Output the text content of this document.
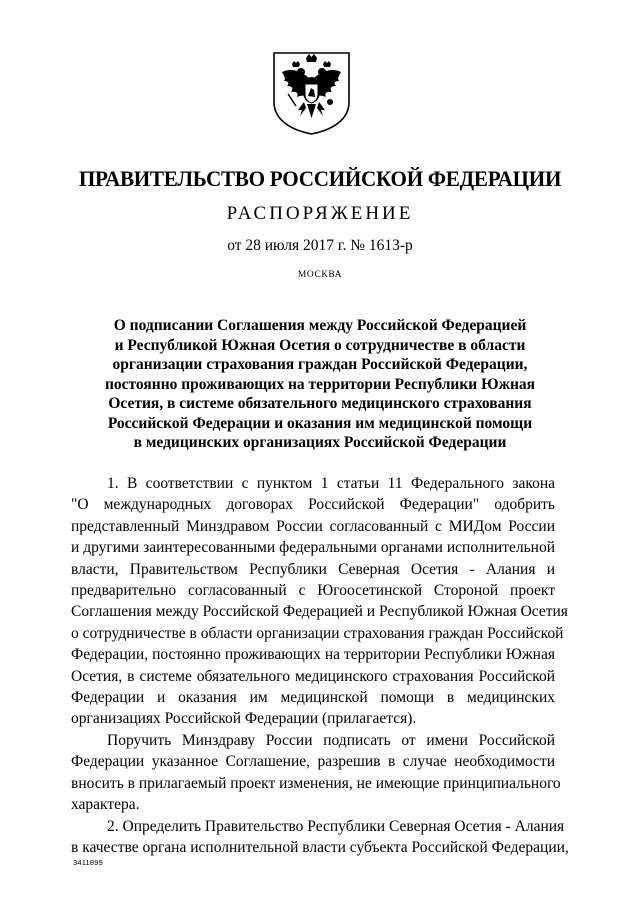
ПРАВИТЕЛЬСТВО РОССИЙСКОЙ ФЕДЕРАЦИИ
РАСПОРЯЖЕНИЕ
от 28 июля 2017 г. № 1613-р
МОСКВА
О подписании Соглашения между Российской Федерацией
и Республикой Южная Осетия о сотрудничестве в области
организации страхования граждан Российской Федерации,
постоянно проживающих на территории Республики Южная
Осетия, в системе обязательного медицинского страхования
Российской Федерации и оказания им медицинской помощи
в медицинских организациях Российской Федерации
1. В соответствии с пунктом 1 статьи 11 Федерального закона
"О международных договорах Российской Федерации" одобрить
представленный Минздравом России согласованный с МИДом России
и другими заинтересованными федеральными органами исполнительной
власти, Правительством Республики Северная Осетия - Алания и
предварительно согласованный с Югоосетинской Стороной проект
Соглашения между Российской Федерацией и Республикой Южная Осетия
о сотрудничестве в области организации страхования граждан Российской
Федерации, постоянно проживающих на территории Республики Южная
Осетия, в системе обязательного медицинского страхования Российской
Федерации и оказания им медицинской помощи в медицинских
организациях Российской Федерации (прилагается).
Поручить Минздраву России подписать от имени Российской
Федерации указанное Соглашение, разрешив в случае необходимости
вносить в прилагаемый проект изменения, не имеющие принципиального
характера.
2. Определить Правительство Республики Северная Осетия - Алания
в качестве органа исполнительной власти субъекта Российской Федерации,
3411899
